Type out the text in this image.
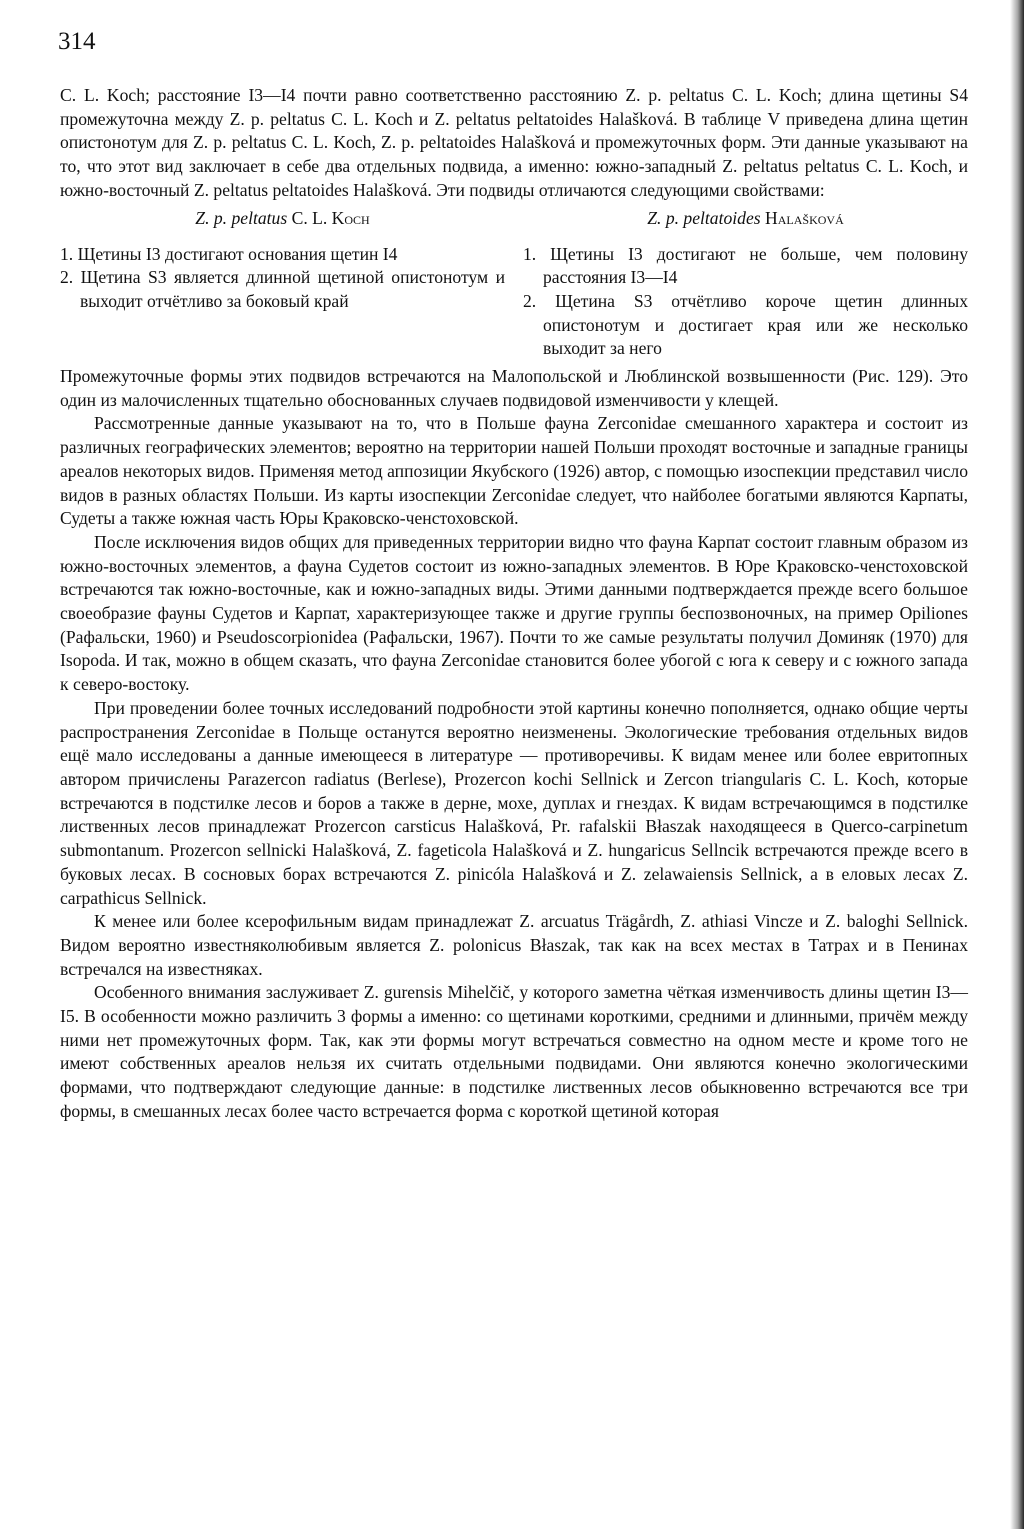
314

C. L. Koch; расстояние I3—I4 почти равно соответственно расстоянию Z. p. peltatus C. L. Koch; длина щетины S4 промежуточна между Z. p. peltatus C. L. Koch и Z. peltatus peltatoides Halašková. В таблице V приведена длина щетин опистонотум для Z. p. peltatus C. L. Koch, Z. p. peltatoides Halašková и промежуточных форм. Эти данные указывают на то, что этот вид заключает в себе два отдельных подвида, а именно: южно-западный Z. peltatus peltatus C. L. Koch, и южно-восточный Z. peltatus peltatoides Halašková. Эти подвиды отличаются следующими свойствами:

Z. p. peltatus C. L. Koch
1. Щетины I3 достигают основания щетин I4
2. Щетина S3 является длинной щетиной опистонотум и выходит отчётливо за боковый край
Z. p. peltatoides Halašková
1. Щетины I3 достигают не больше, чем половину расстояния I3—I4
2. Щетина S3 отчётливо короче щетин длинных опистонотум и достигает края или же несколько выходит за него

Промежуточные формы этих подвидов встречаются на Малопольской и Люблинской возвышенности (Рис. 129). Это один из малочисленных тщательно обоснованных случаев подвидовой изменчивости у клещей.

Рассмотренные данные указывают на то, что в Польше фауна Zerconidae смешанного характера и состоит из различных географических элементов; вероятно на территории нашей Польши проходят восточные и западные границы ареалов некоторых видов. Применяя метод аппозиции Якубского (1926) автор, с помощью изоспекции представил число видов в разных областях Польши. Из карты изоспекции Zerconidae следует, что найболее богатыми являются Карпаты, Судеты а также южная часть Юры Краковско-ченстоховской.

После исключения видов общих для приведенных территории видно что фауна Карпат состоит главным образом из южно-восточных элементов, а фауна Судетов состоит из южно-западных элементов. В Юре Краковско-ченстоховской встречаются так южно-восточные, как и южно-западных виды. Этими данными подтверждается прежде всего большое своеобразие фауны Судетов и Карпат, характеризующее также и другие группы беспозвоночных, на пример Opiliones (Рафальски, 1960) и Pseudoscorpionidea (Рафальски, 1967). Почти то же самые результаты получил Доминяк (1970) для Isopoda. И так, можно в общем сказать, что фауна Zerconidae становится более убогой с юга к северу и с южного запада к северо-востоку.

При проведении более точных исследований подробности этой картины конечно пополняется, однако общие черты распространения Zerconidae в Польще останутся вероятно неизменены. Экологические требования отдельных видов ещё мало исследованы а данные имеющееся в литературе — противоречивы. К видам менее или более евритопных автором причислены Parazercon radiatus (Berlese), Prozercon kochi Sellnick и Zercon triangularis C. L. Koch, которые встречаются в подстилке лесов и боров а также в дерне, мохе, дуплах и гнездах. К видам встречающимся в подстилке лиственных лесов принадлежат Prozercon carsticus Halašková, Pr. rafalskii Błaszak находящееся в Querco-carpinetum submontanum. Prozercon sellnicki Halašková, Z. fageticola Halašková и Z. hungaricus Sellncik встречаются прежде всего в буковых лесах. В сосновых борах встречаются Z. pinicóla Halašková и Z. zelawaiensis Sellnick, а в еловых лесах Z. carpathicus Sellnick.

К менее или более ксерофильным видам принадлежат Z. arcuatus Trägårdh, Z. athiasi Vincze и Z. baloghi Sellnick. Видом вероятно известняколюбивым является Z. polonicus Błaszak, так как на всех местах в Татрах и в Пенинах встречался на известняках.

Особенного внимания заслуживает Z. gurensis Mihelčič, у которого заметна чёткая изменчивость длины щетин I3—I5. В особенности можно различить 3 формы а именно: со щетинами короткими, средними и длинными, причём между ними нет промежуточных форм. Так, как эти формы могут встречаться совместно на одном месте и кроме того не имеют собственных ареалов нельзя их считать отдельными подвидами. Они являются конечно экологическими формами, что подтверждают следующие данные: в подстилке лиственных лесов обыкновенно встречаются все три формы, в смешанных лесах более часто встречается форма с короткой щетиной которая
